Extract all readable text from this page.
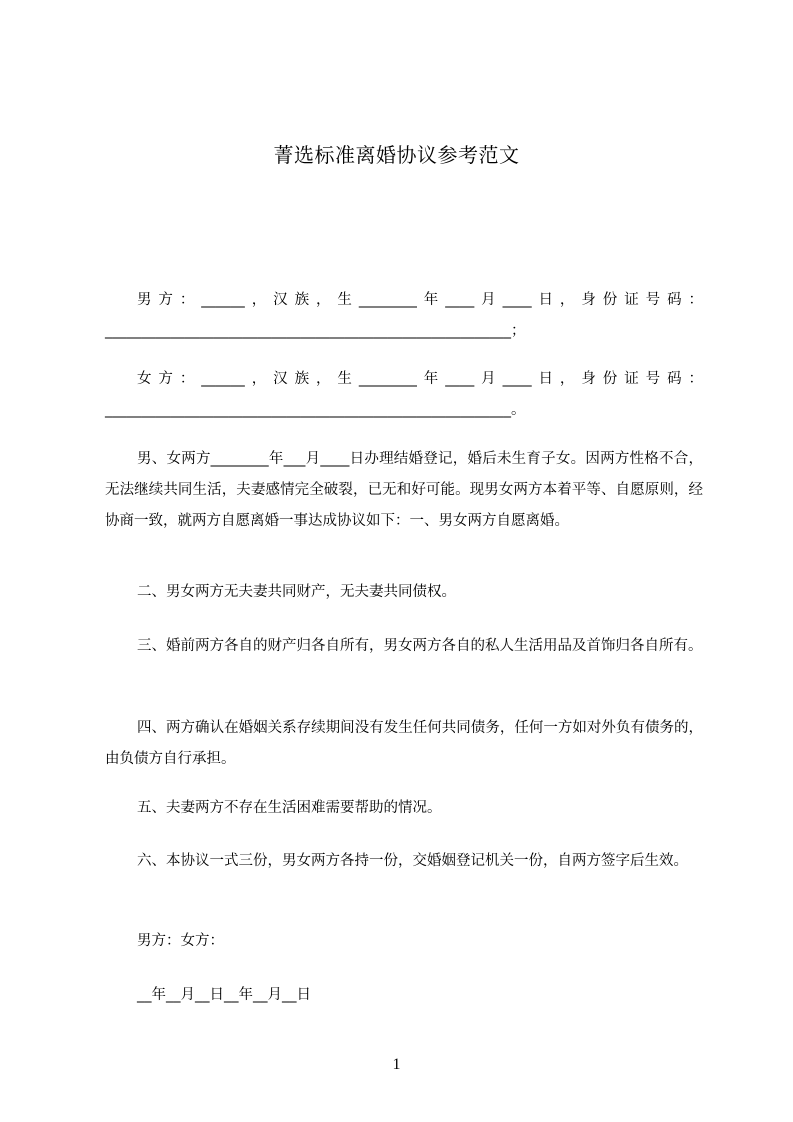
菁选标准离婚协议参考范文

男方：______，汉族，生________年____月____日，身份证号码：________________________________________________________；

女方：______，汉族，生________年____月____日，身份证号码：________________________________________________________。

男、女两方________年___月____日办理结婚登记，婚后未生育子女。因两方性格不合，无法继续共同生活，夫妻感情完全破裂，已无和好可能。现男女两方本着平等、自愿原则，经协商一致，就两方自愿离婚一事达成协议如下：一、男女两方自愿离婚。

二、男女两方无夫妻共同财产，无夫妻共同债权。

三、婚前两方各自的财产归各自所有，男女两方各自的私人生活用品及首饰归各自所有。

四、两方确认在婚姻关系存续期间没有发生任何共同债务，任何一方如对外负有债务的，由负债方自行承担。

五、夫妻两方不存在生活困难需要帮助的情况。

六、本协议一式三份，男女两方各持一份，交婚姻登记机关一份，自两方签字后生效。

男方：女方：

__年__月__日__年__月__日

1
